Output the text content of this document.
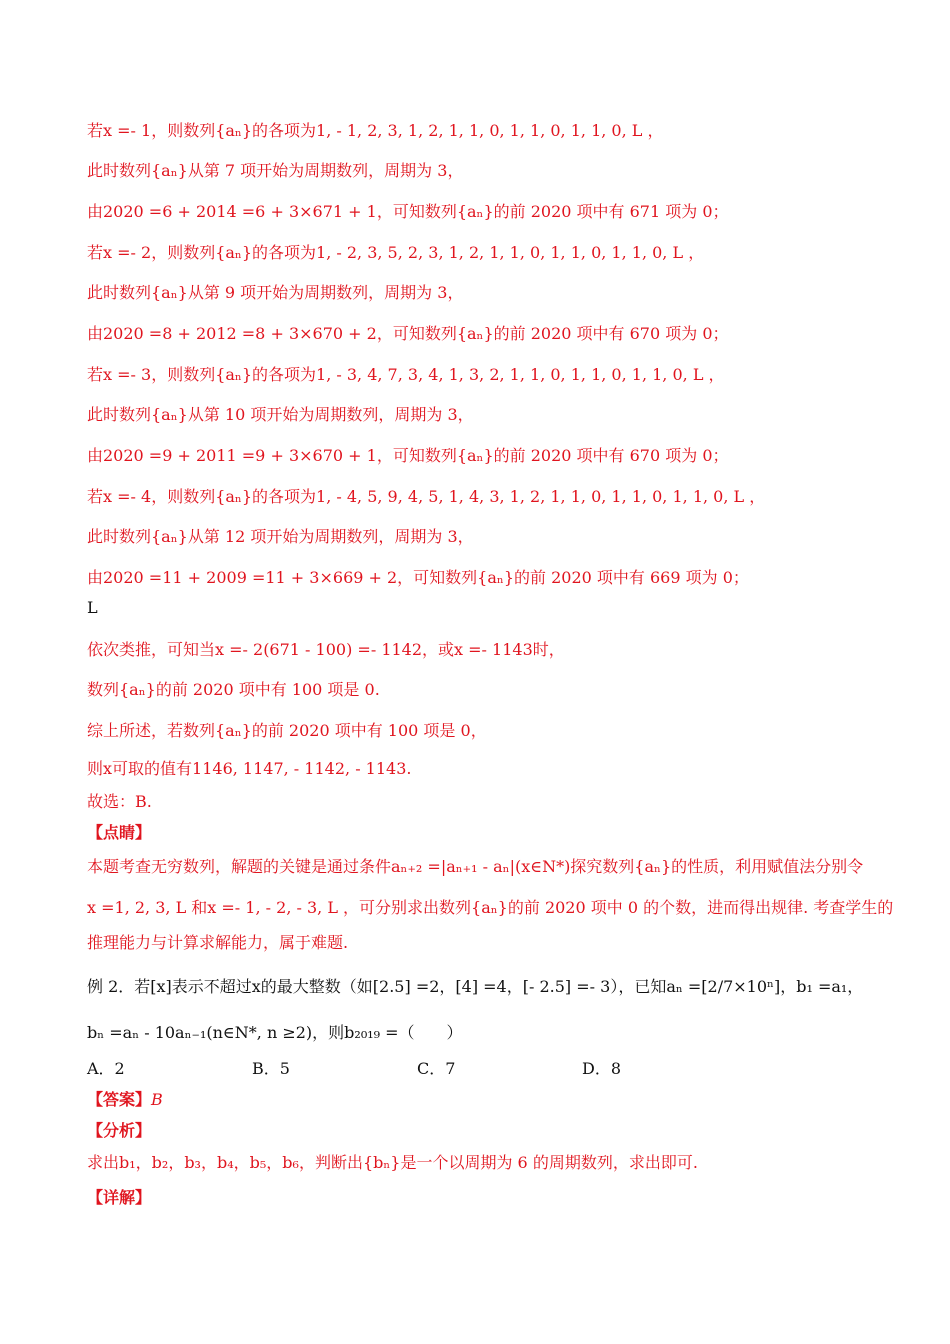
若x =- 1，则数列{aₙ}的各项为1, - 1, 2, 3, 1, 2, 1, 1, 0, 1, 1, 0, 1, 1, 0, L ，
此时数列{aₙ}从第 7 项开始为周期数列，周期为 3，
由2020 =6 + 2014 =6 + 3×671 + 1，可知数列{aₙ}的前 2020 项中有 671 项为 0；
若x =- 2，则数列{aₙ}的各项为1, - 2, 3, 5, 2, 3, 1, 2, 1, 1, 0, 1, 1, 0, 1, 1, 0, L ，
此时数列{aₙ}从第 9 项开始为周期数列，周期为 3，
由2020 =8 + 2012 =8 + 3×670 + 2，可知数列{aₙ}的前 2020 项中有 670 项为 0；
若x =- 3，则数列{aₙ}的各项为1, - 3, 4, 7, 3, 4, 1, 3, 2, 1, 1, 0, 1, 1, 0, 1, 1, 0, L ，
此时数列{aₙ}从第 10 项开始为周期数列，周期为 3，
由2020 =9 + 2011 =9 + 3×670 + 1，可知数列{aₙ}的前 2020 项中有 670 项为 0；
若x =- 4，则数列{aₙ}的各项为1, - 4, 5, 9, 4, 5, 1, 4, 3, 1, 2, 1, 1, 0, 1, 1, 0, 1, 1, 0, L ，
此时数列{aₙ}从第 12 项开始为周期数列，周期为 3，
由2020 =11 + 2009 =11 + 3×669 + 2，可知数列{aₙ}的前 2020 项中有 669 项为 0；
L
依次类推，可知当x =- 2(671 - 100) =- 1142，或x =- 1143时，
数列{aₙ}的前 2020 项中有 100 项是 0.
综上所述，若数列{aₙ}的前 2020 项中有 100 项是 0，
则x可取的值有1146, 1147, - 1142, - 1143.
故选：B.
【点睛】
本题考查无穷数列，解题的关键是通过条件aₙ₊₂ =|aₙ₊₁ - aₙ|(x∈N*)探究数列{aₙ}的性质，利用赋值法分别令
x =1, 2, 3, L 和x =- 1, - 2, - 3, L ，可分别求出数列{aₙ}的前 2020 项中 0 的个数，进而得出规律. 考查学生的
推理能力与计算求解能力，属于难题.
例 2．若[x]表示不超过x的最大整数（如[2.5] =2，[4] =4，[- 2.5] =- 3），已知aₙ =[2/7×10ⁿ]，b₁ =a₁，
bₙ =aₙ - 10aₙ₋₁(n∈N*, n ≥2)，则b₂₀₁₉ =（　　）
A．2	B．5	C．7	D．8
【答案】B
【分析】
求出b₁，b₂，b₃，b₄，b₅，b₆，判断出{bₙ}是一个以周期为 6 的周期数列，求出即可.
【详解】
